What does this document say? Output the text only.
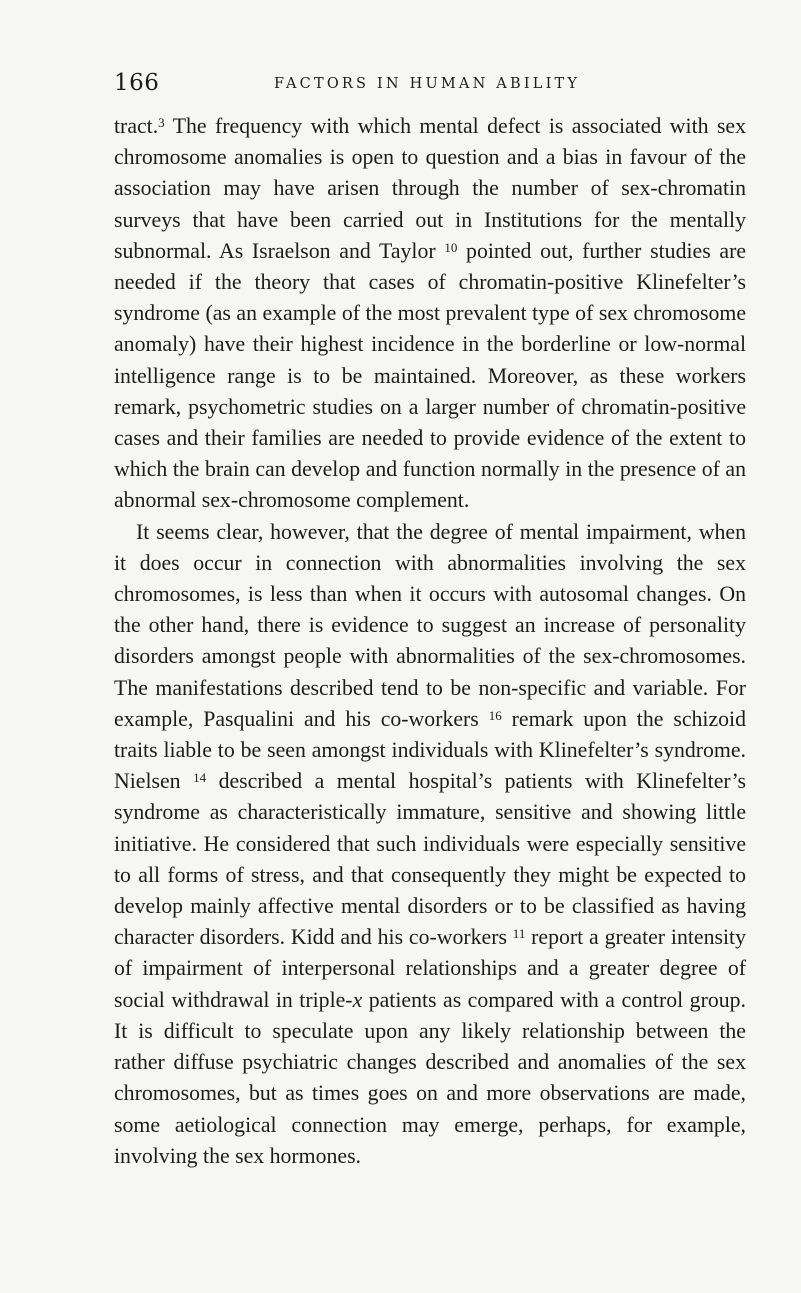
166	FACTORS IN HUMAN ABILITY

tract.$^3$ The frequency with which mental defect is associated with sex chromosome anomalies is open to question and a bias in favour of the association may have arisen through the number of sex-chromatin surveys that have been carried out in Institutions for the mentally subnormal. As Israelson and Taylor $^{10}$ pointed out, further studies are needed if the theory that cases of chromatin-positive Klinefelter’s syndrome (as an example of the most prevalent type of sex chromosome anomaly) have their highest incidence in the borderline or low-normal intelligence range is to be maintained. Moreover, as these workers remark, psychometric studies on a larger number of chromatin-positive cases and their families are needed to provide evidence of the extent to which the brain can develop and function normally in the presence of an abnormal sex-chromosome complement.

It seems clear, however, that the degree of mental impairment, when it does occur in connection with abnormalities involving the sex chromosomes, is less than when it occurs with autosomal changes. On the other hand, there is evidence to suggest an increase of personality disorders amongst people with abnormalities of the sex-chromosomes. The manifestations described tend to be non-specific and variable. For example, Pasqualini and his co-workers $^{16}$ remark upon the schizoid traits liable to be seen amongst individuals with Klinefelter’s syndrome. Nielsen $^{14}$ described a mental hospital’s patients with Klinefelter’s syndrome as characteristically immature, sensitive and showing little initiative. He considered that such individuals were especially sensitive to all forms of stress, and that consequently they might be expected to develop mainly affective mental disorders or to be classified as having character disorders. Kidd and his co-workers $^{11}$ report a greater intensity of impairment of interpersonal relationships and a greater degree of social withdrawal in triple-x patients as compared with a control group. It is difficult to speculate upon any likely relationship between the rather diffuse psychiatric changes described and anomalies of the sex chromosomes, but as times goes on and more observations are made, some aetiological connection may emerge, perhaps, for example, involving the sex hormones.
